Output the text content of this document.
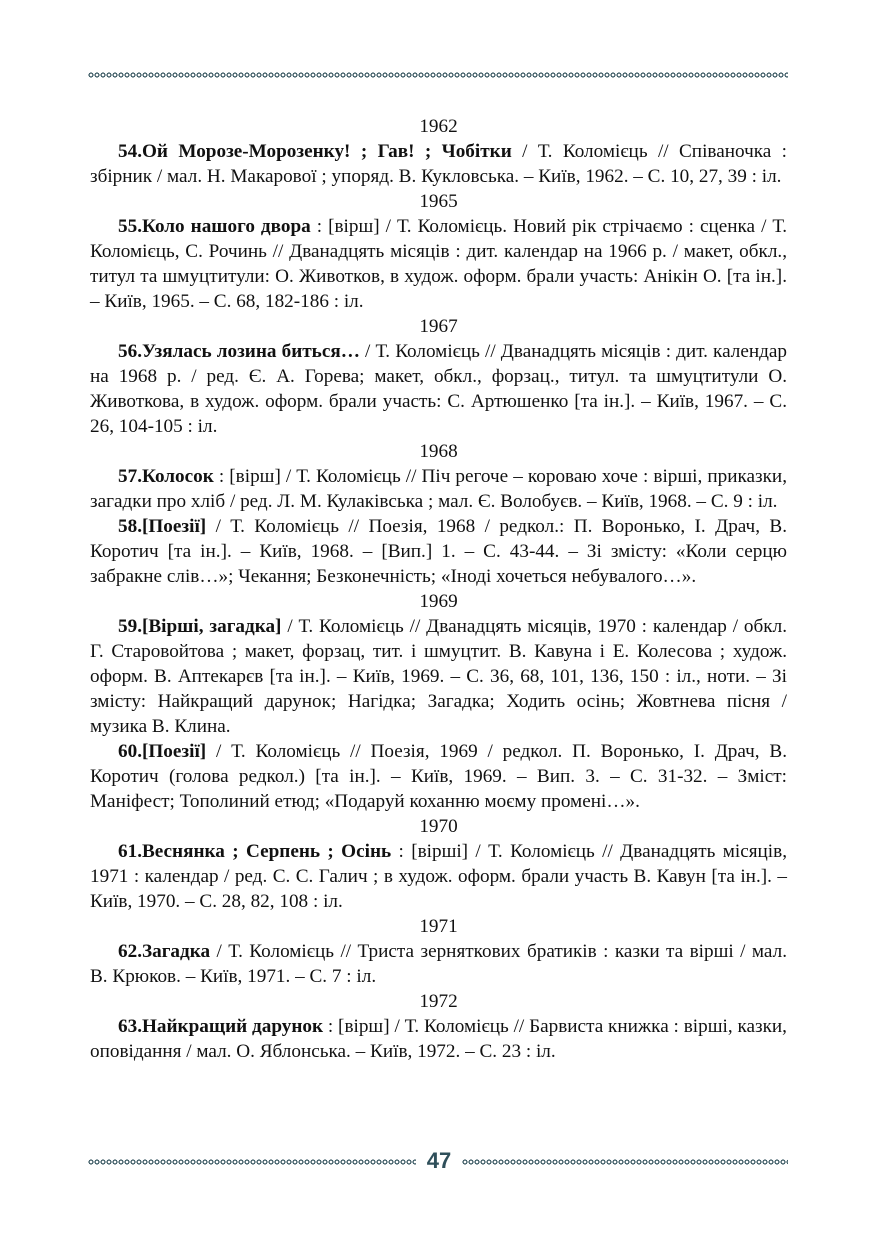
1962

54.Ой Морозе-Морозенку! ; Гав! ; Чобітки / Т. Коломієць // Співаночка : збірник / мал. Н. Макарової ; упоряд. В. Кукловська. – Київ, 1962. – С. 10, 27, 39 : іл.

1965

55.Коло нашого двора : [вірш] / Т. Коломієць. Новий рік стрічаємо : сценка / Т. Коломієць, С. Рочинь // Дванадцять місяців : дит. календар на 1966 р. / макет, обкл., титул та шмуцтитули: О. Животков, в худож. оформ. брали участь: Анікін О. [та ін.]. – Київ, 1965. – С. 68, 182-186 : іл.

1967

56.Узялась лозина биться… / Т. Коломієць // Дванадцять місяців : дит. календар на 1968 р. / ред. Є. А. Горева; макет, обкл., форзац., титул. та шмуцтитули О. Животкова, в худож. оформ. брали участь: С. Артюшенко [та ін.]. – Київ, 1967. – С. 26, 104-105 : іл.

1968

57.Колосок : [вірш] / Т. Коломієць // Піч регоче – короваю хоче : вірші, приказки, загадки про хліб / ред. Л. М. Кулаківська ; мал. Є. Волобуєв. – Київ, 1968. – С. 9 : іл.

58.[Поезії] / Т. Коломієць // Поезія, 1968 / редкол.: П. Воронько, І. Драч, В. Коротич [та ін.]. – Київ, 1968. – [Вип.] 1. – С. 43-44. – Зі змісту: «Коли серцю забракне слів…»; Чекання; Безконечність; «Іноді хочеться небувалого…».

1969

59.[Вірші, загадка] / Т. Коломієць // Дванадцять місяців, 1970 : календар / обкл. Г. Старовойтова ; макет, форзац, тит. і шмуцтит. В. Кавуна і Е. Колесова ; худож. оформ. В. Аптекарєв [та ін.]. – Київ, 1969. – С. 36, 68, 101, 136, 150 : іл., ноти. – Зі змісту: Найкращий дарунок; Нагідка; Загадка; Ходить осінь; Жовтнева пісня / музика В. Клина.

60.[Поезії] / Т. Коломієць // Поезія, 1969 / редкол. П. Воронько, І. Драч, В. Коротич (голова редкол.) [та ін.]. – Київ, 1969. – Вип. 3. – С. 31-32. – Зміст: Маніфест; Тополиний етюд; «Подаруй коханню моєму промені…».

1970

61.Веснянка ; Серпень ; Осінь : [вірші] / Т. Коломієць // Дванадцять місяців, 1971 : календар / ред. С. С. Галич ; в худож. оформ. брали участь В. Кавун [та ін.]. – Київ, 1970. – С. 28, 82, 108 : іл.

1971

62.Загадка / Т. Коломієць // Триста зерняткових братиків : казки та вірші / мал. В. Крюков. – Київ, 1971. – С. 7 : іл.

1972

63.Найкращий дарунок : [вірш] / Т. Коломієць // Барвиста книжка : вірші, казки, оповідання / мал. О. Яблонська. – Київ, 1972. – С. 23 : іл.

47
